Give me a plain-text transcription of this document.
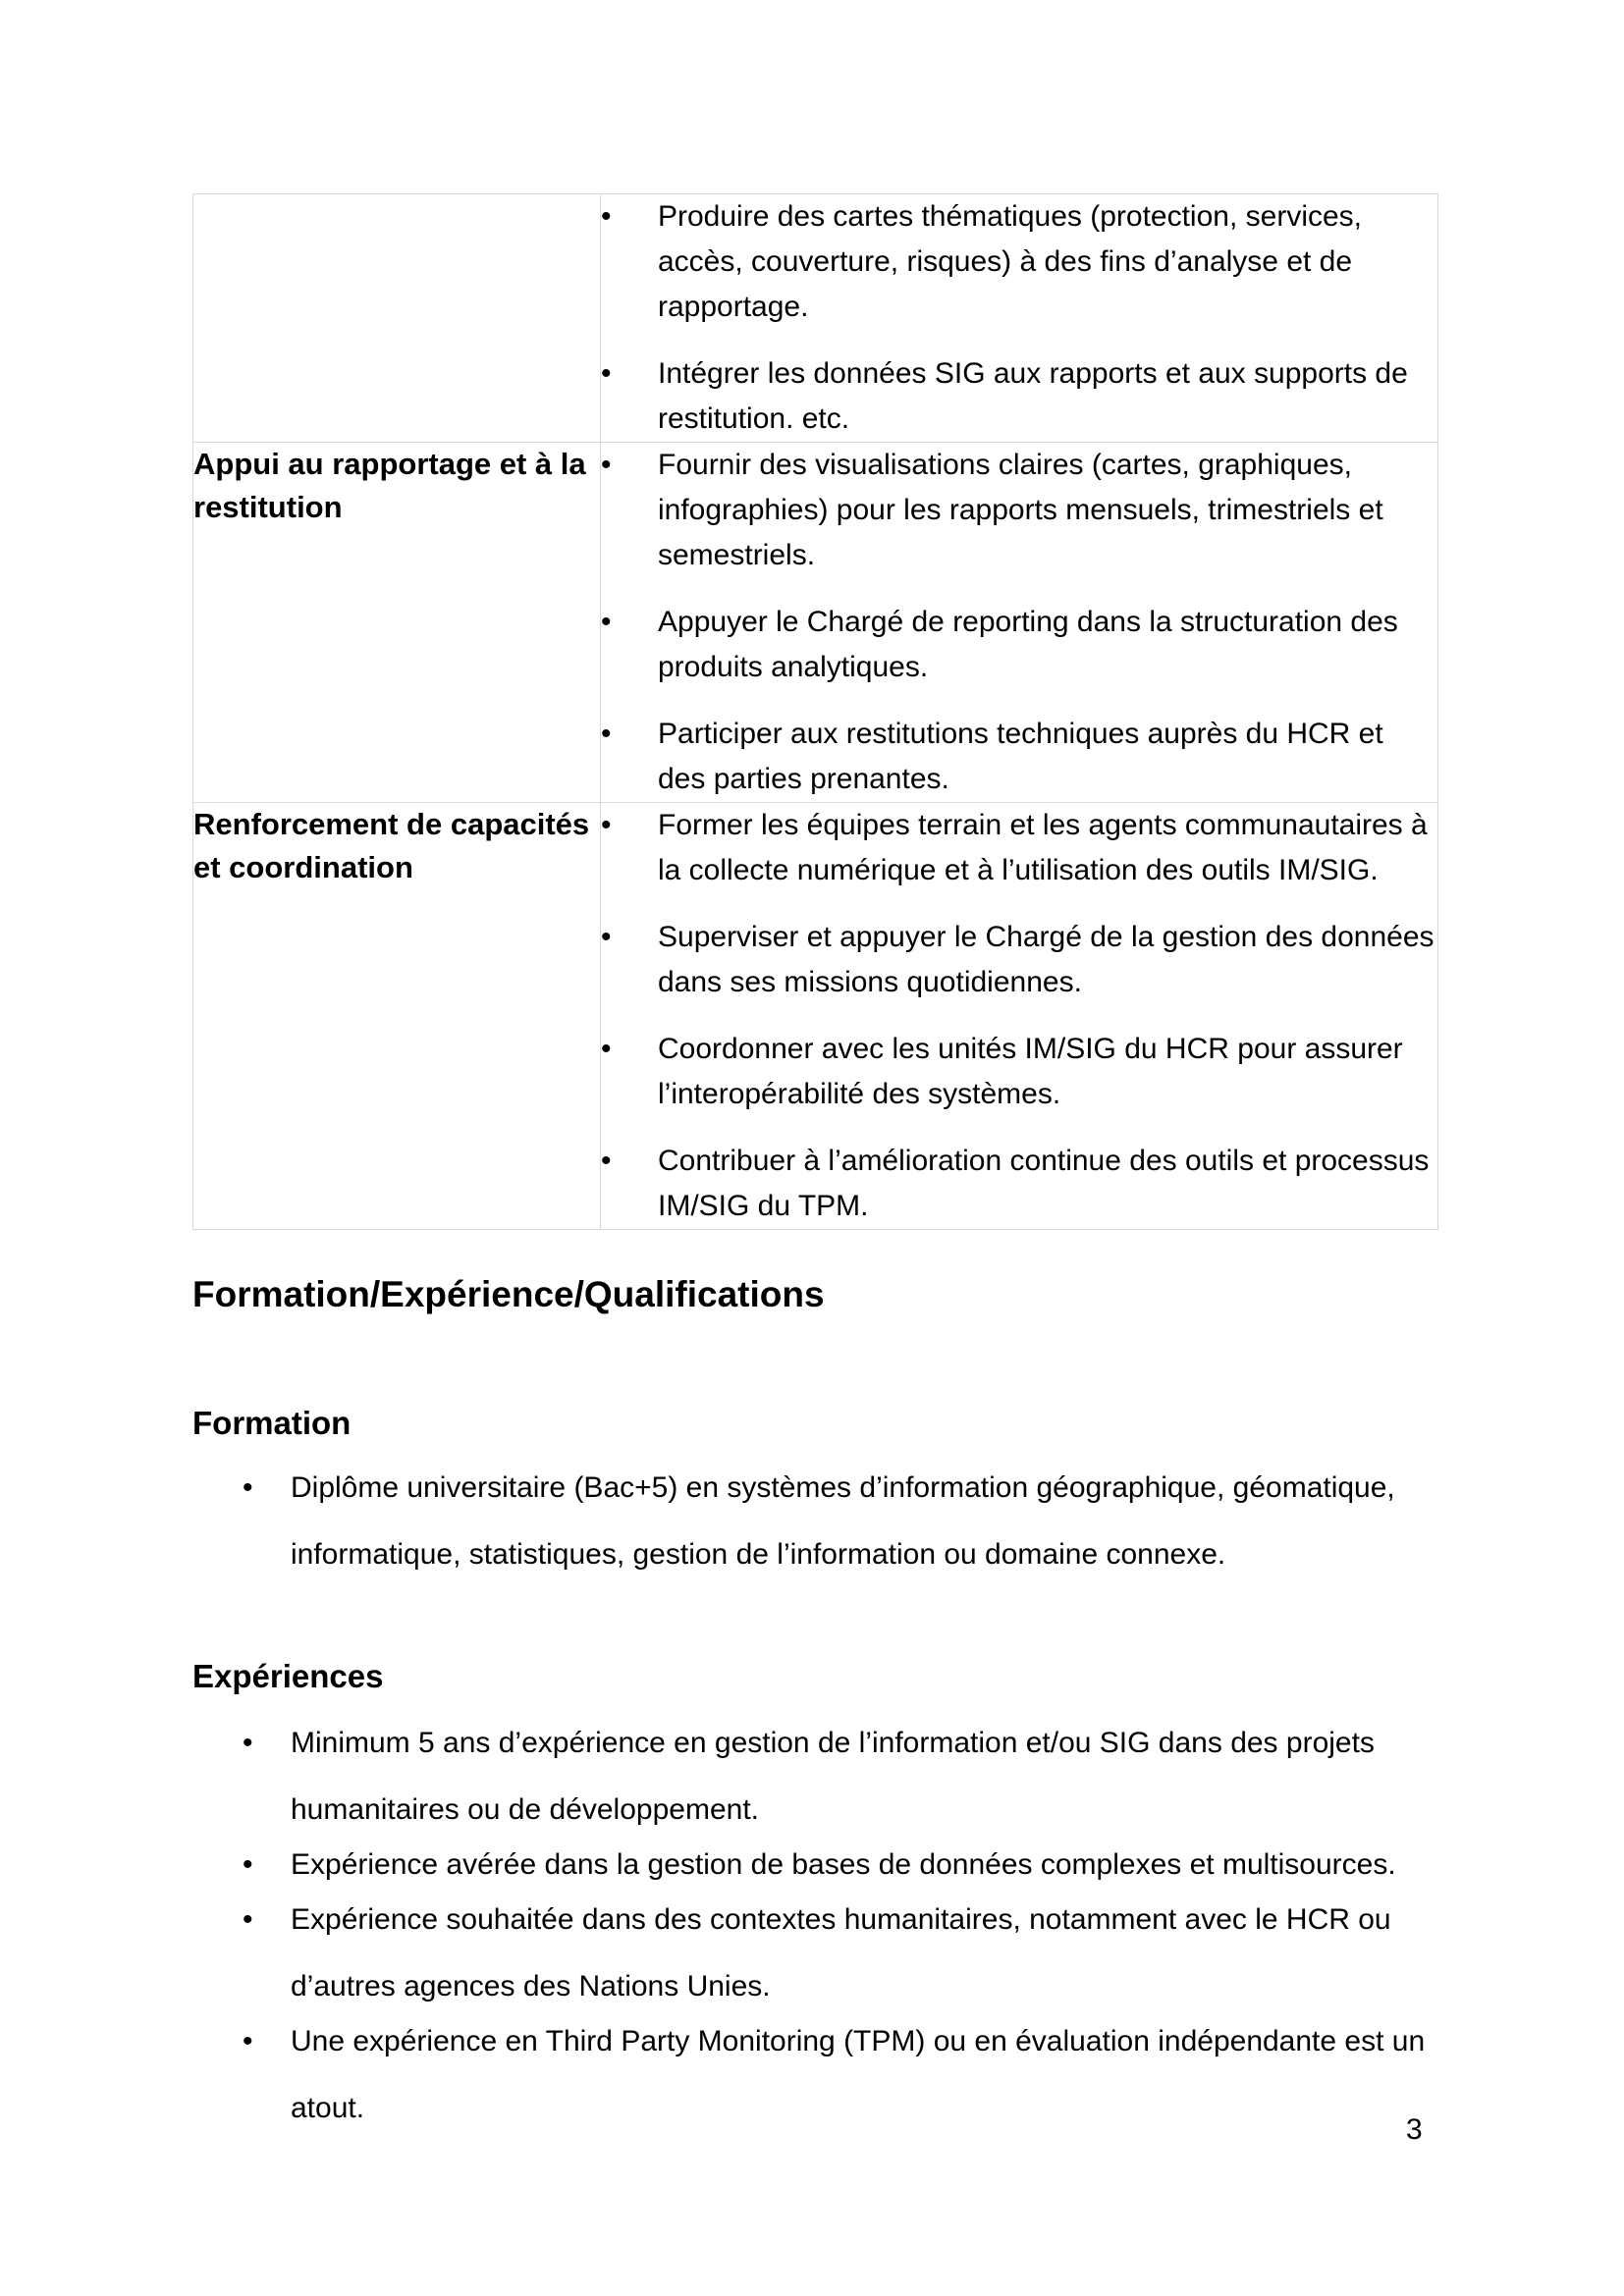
•	Produire des cartes thématiques (protection, services, accès, couverture, risques) à des fins d’analyse et de rapportage.
•	Intégrer les données SIG aux rapports et aux supports de restitution. etc.

Appui au rapportage et à la restitution	
•	Fournir des visualisations claires (cartes, graphiques, infographies) pour les rapports mensuels, trimestriels et semestriels.
•	Appuyer le Chargé de reporting dans la structuration des produits analytiques.
•	Participer aux restitutions techniques auprès du HCR et des parties prenantes.

Renforcement de capacités et coordination	
•	Former les équipes terrain et les agents communautaires à la collecte numérique et à l’utilisation des outils IM/SIG.
•	Superviser et appuyer le Chargé de la gestion des données dans ses missions quotidiennes.
•	Coordonner avec les unités IM/SIG du HCR pour assurer l’interopérabilité des systèmes.
•	Contribuer à l’amélioration continue des outils et processus IM/SIG du TPM.
Formation/Expérience/Qualifications
Formation
•	Diplôme universitaire (Bac+5) en systèmes d’information géographique, géomatique, informatique, statistiques, gestion de l’information ou domaine connexe.
Expériences
•	Minimum 5 ans d’expérience en gestion de l’information et/ou SIG dans des projets humanitaires ou de développement.
•	Expérience avérée dans la gestion de bases de données complexes et multisources.
•	Expérience souhaitée dans des contextes humanitaires, notamment avec le HCR ou d’autres agences des Nations Unies.
•	Une expérience en Third Party Monitoring (TPM) ou en évaluation indépendante est un atout.
3
